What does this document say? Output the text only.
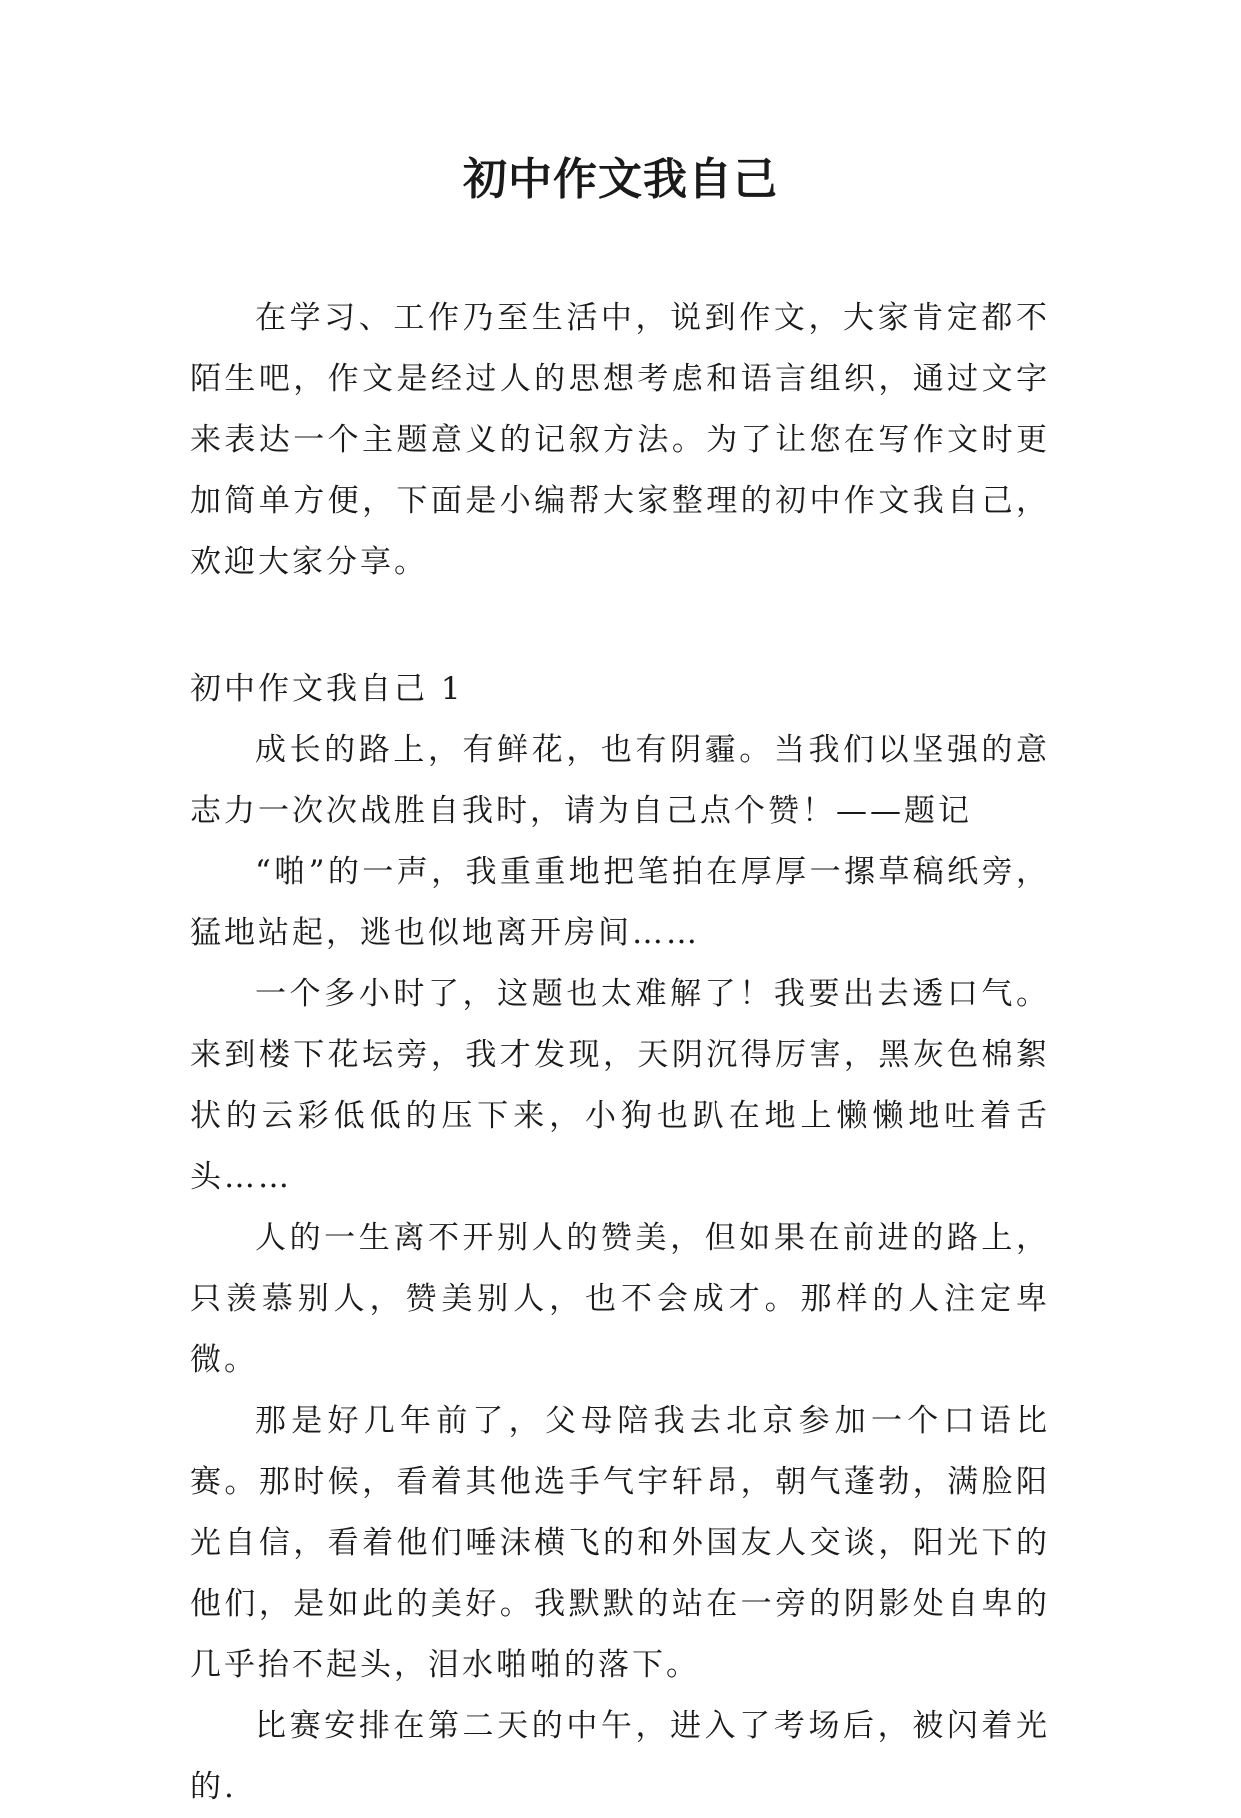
初中作文我自己

在学习、工作乃至生活中，说到作文，大家肯定都不陌生吧，作文是经过人的思想考虑和语言组织，通过文字来表达一个主题意义的记叙方法。为了让您在写作文时更加简单方便，下面是小编帮大家整理的初中作文我自己，欢迎大家分享。

初中作文我自己 1

成长的路上，有鲜花，也有阴霾。当我们以坚强的意志力一次次战胜自我时，请为自己点个赞！——题记

“啪”的一声，我重重地把笔拍在厚厚一摞草稿纸旁，猛地站起，逃也似地离开房间……

一个多小时了，这题也太难解了！我要出去透口气。来到楼下花坛旁，我才发现，天阴沉得厉害，黑灰色棉絮状的云彩低低的压下来，小狗也趴在地上懒懒地吐着舌头……

人的一生离不开别人的赞美，但如果在前进的路上，只羡慕别人，赞美别人，也不会成才。那样的人注定卑微。

那是好几年前了，父母陪我去北京参加一个口语比赛。那时候，看着其他选手气宇轩昂，朝气蓬勃，满脸阳光自信，看着他们唾沫横飞的和外国友人交谈，阳光下的他们，是如此的美好。我默默的站在一旁的阴影处自卑的几乎抬不起头，泪水啪啪的落下。

比赛安排在第二天的中午，进入了考场后，被闪着光的.
